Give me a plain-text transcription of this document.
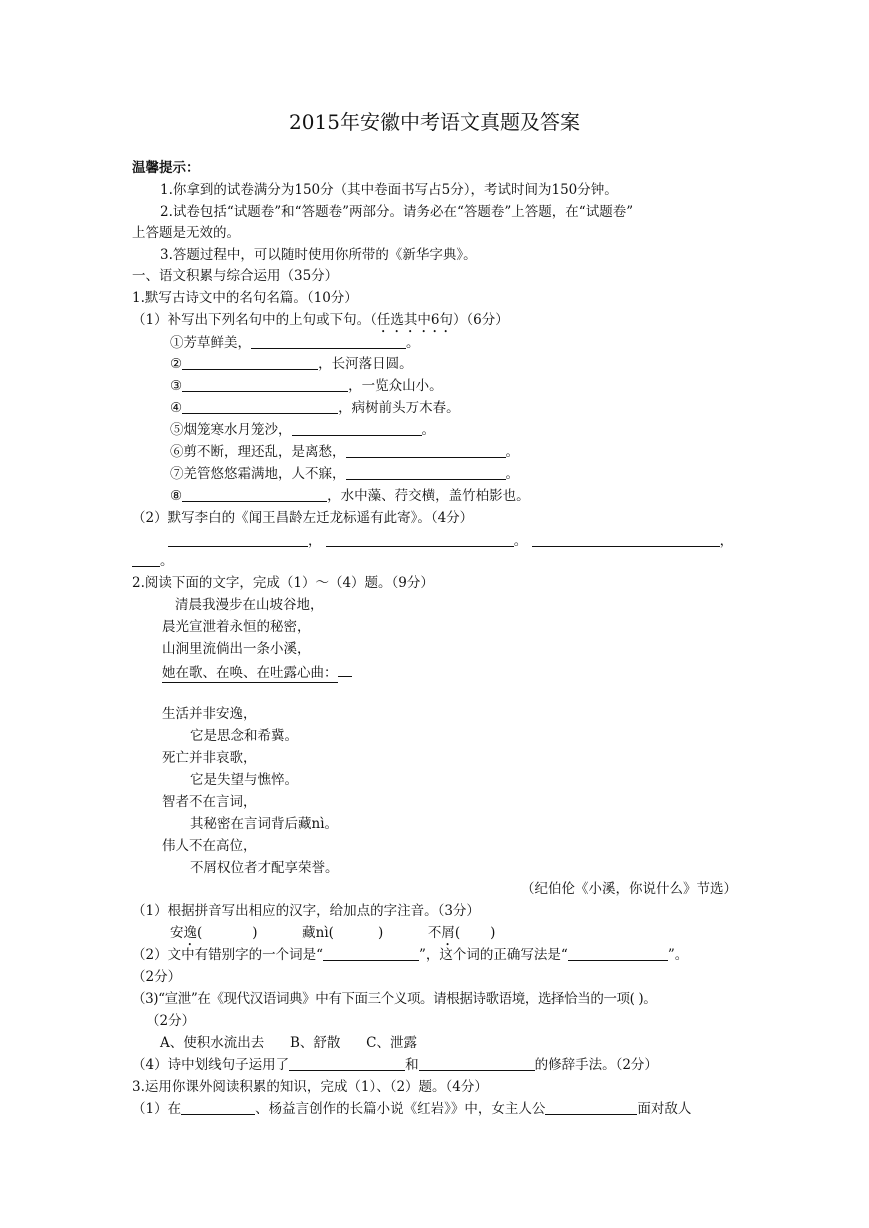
2015年安徽中考语文真题及答案
温馨提示：
1.你拿到的试卷满分为150分（其中卷面书写占5分），考试时间为150分钟。
2.试卷包括“试题卷”和“答题卷”两部分。请务必在“答题卷”上答题，在“试题卷”
上答题是无效的。
3.答题过程中，可以随时使用你所带的《新华字典》。
一、语文积累与综合运用（35分）
1.默写古诗文中的名句名篇。（10分）
（1）补写出下列名句中的上句或下句。（任选其中6句）（6分）
①芳草鲜美，	。
②	，长河落日圆。
③	，一览众山小。
④	，病树前头万木春。
⑤烟笼寒水月笼沙，	。
⑥剪不断，理还乱，是离愁，	。
⑦羌管悠悠霜满地，人不寐，	。
⑧	，水中藻、荇交横，盖竹柏影也。
（2）默写李白的《闻王昌龄左迁龙标遥有此寄》。（4分）
，	。	，
。
2.阅读下面的文字，完成（1）～（4）题。（9分）
清晨我漫步在山坡谷地，
晨光宣泄着永恒的秘密，
山涧里流倘出一条小溪，
她在歌、在唤、在吐露心曲：
生活并非安逸，
它是思念和希冀。
死亡并非哀歌，
它是失望与憔悴。
智者不在言词，
其秘密在言词背后藏nì。
伟人不在高位，
不屑权位者才配享荣誉。
（纪伯伦《小溪，你说什么》节选）
（1）根据拼音写出相应的汉字，给加点的字注音。（3分）
安逸(	)	藏nì(	)	不屑( )
（2）文中有错别字的一个词是“	”，这个词的正确写法是“	”。
（2分）
（3)“宣泄”在《现代汉语词典》中有下面三个义项。请根据诗歌语境，选择恰当的一项( )。
（2分）
A、使积水流出去      B、舒散      C、泄露
（4）诗中划线句子运用了	和	的修辞手法。（2分）
3.运用你课外阅读积累的知识，完成（1）、（2）题。（4分）
（1）在	、杨益言创作的长篇小说《红岩》》中，女主人公	面对敌人
